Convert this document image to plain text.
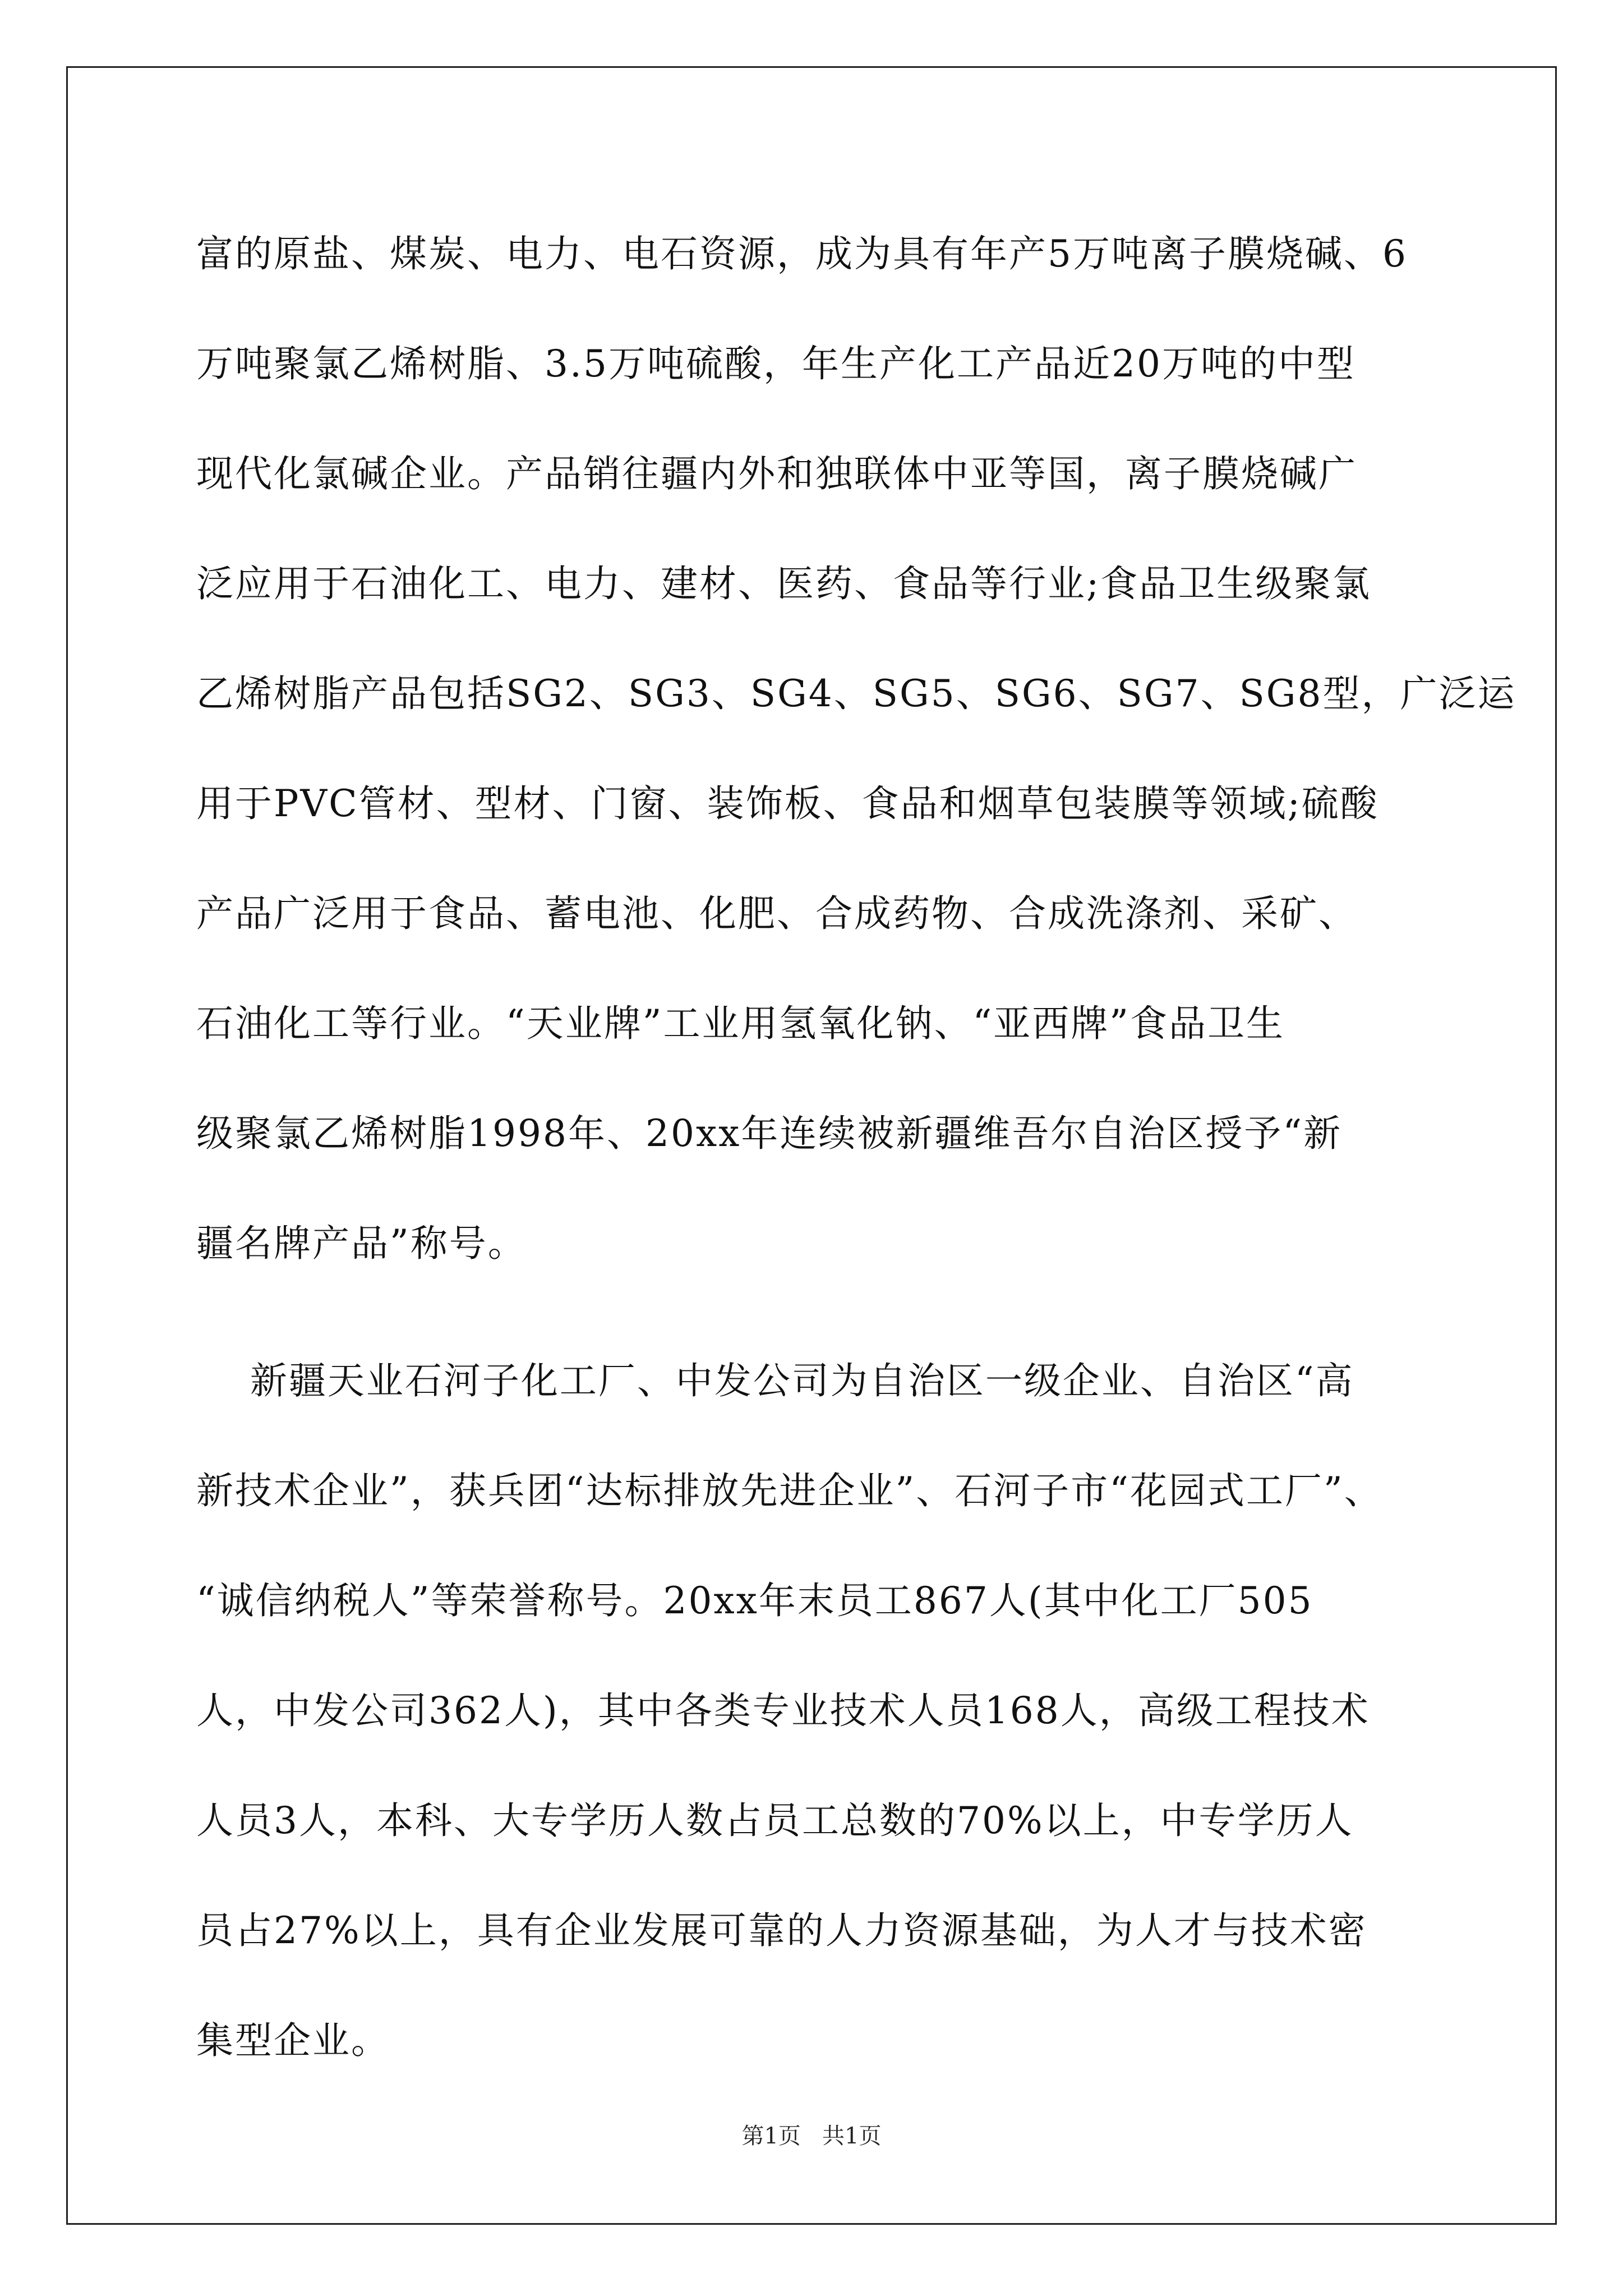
富的原盐、煤炭、电力、电石资源，成为具有年产5万吨离子膜烧碱、6
万吨聚氯乙烯树脂、3.5万吨硫酸，年生产化工产品近20万吨的中型
现代化氯碱企业。产品销往疆内外和独联体中亚等国，离子膜烧碱广
泛应用于石油化工、电力、建材、医药、食品等行业;食品卫生级聚氯
乙烯树脂产品包括SG2、SG3、SG4、SG5、SG6、SG7、SG8型，广泛运
用于PVC管材、型材、门窗、装饰板、食品和烟草包装膜等领域;硫酸
产品广泛用于食品、蓄电池、化肥、合成药物、合成洗涤剂、采矿、
石油化工等行业。“天业牌”工业用氢氧化钠、“亚西牌”食品卫生
级聚氯乙烯树脂1998年、20xx年连续被新疆维吾尔自治区授予“新
疆名牌产品”称号。
新疆天业石河子化工厂、中发公司为自治区一级企业、自治区“高
新技术企业”，获兵团“达标排放先进企业”、石河子市“花园式工厂”、
“诚信纳税人”等荣誉称号。20xx年末员工867人(其中化工厂505
人，中发公司362人)，其中各类专业技术人员168人，高级工程技术
人员3人，本科、大专学历人数占员工总数的70%以上，中专学历人
员占27%以上，具有企业发展可靠的人力资源基础，为人才与技术密
集型企业。
第1页   共1页
